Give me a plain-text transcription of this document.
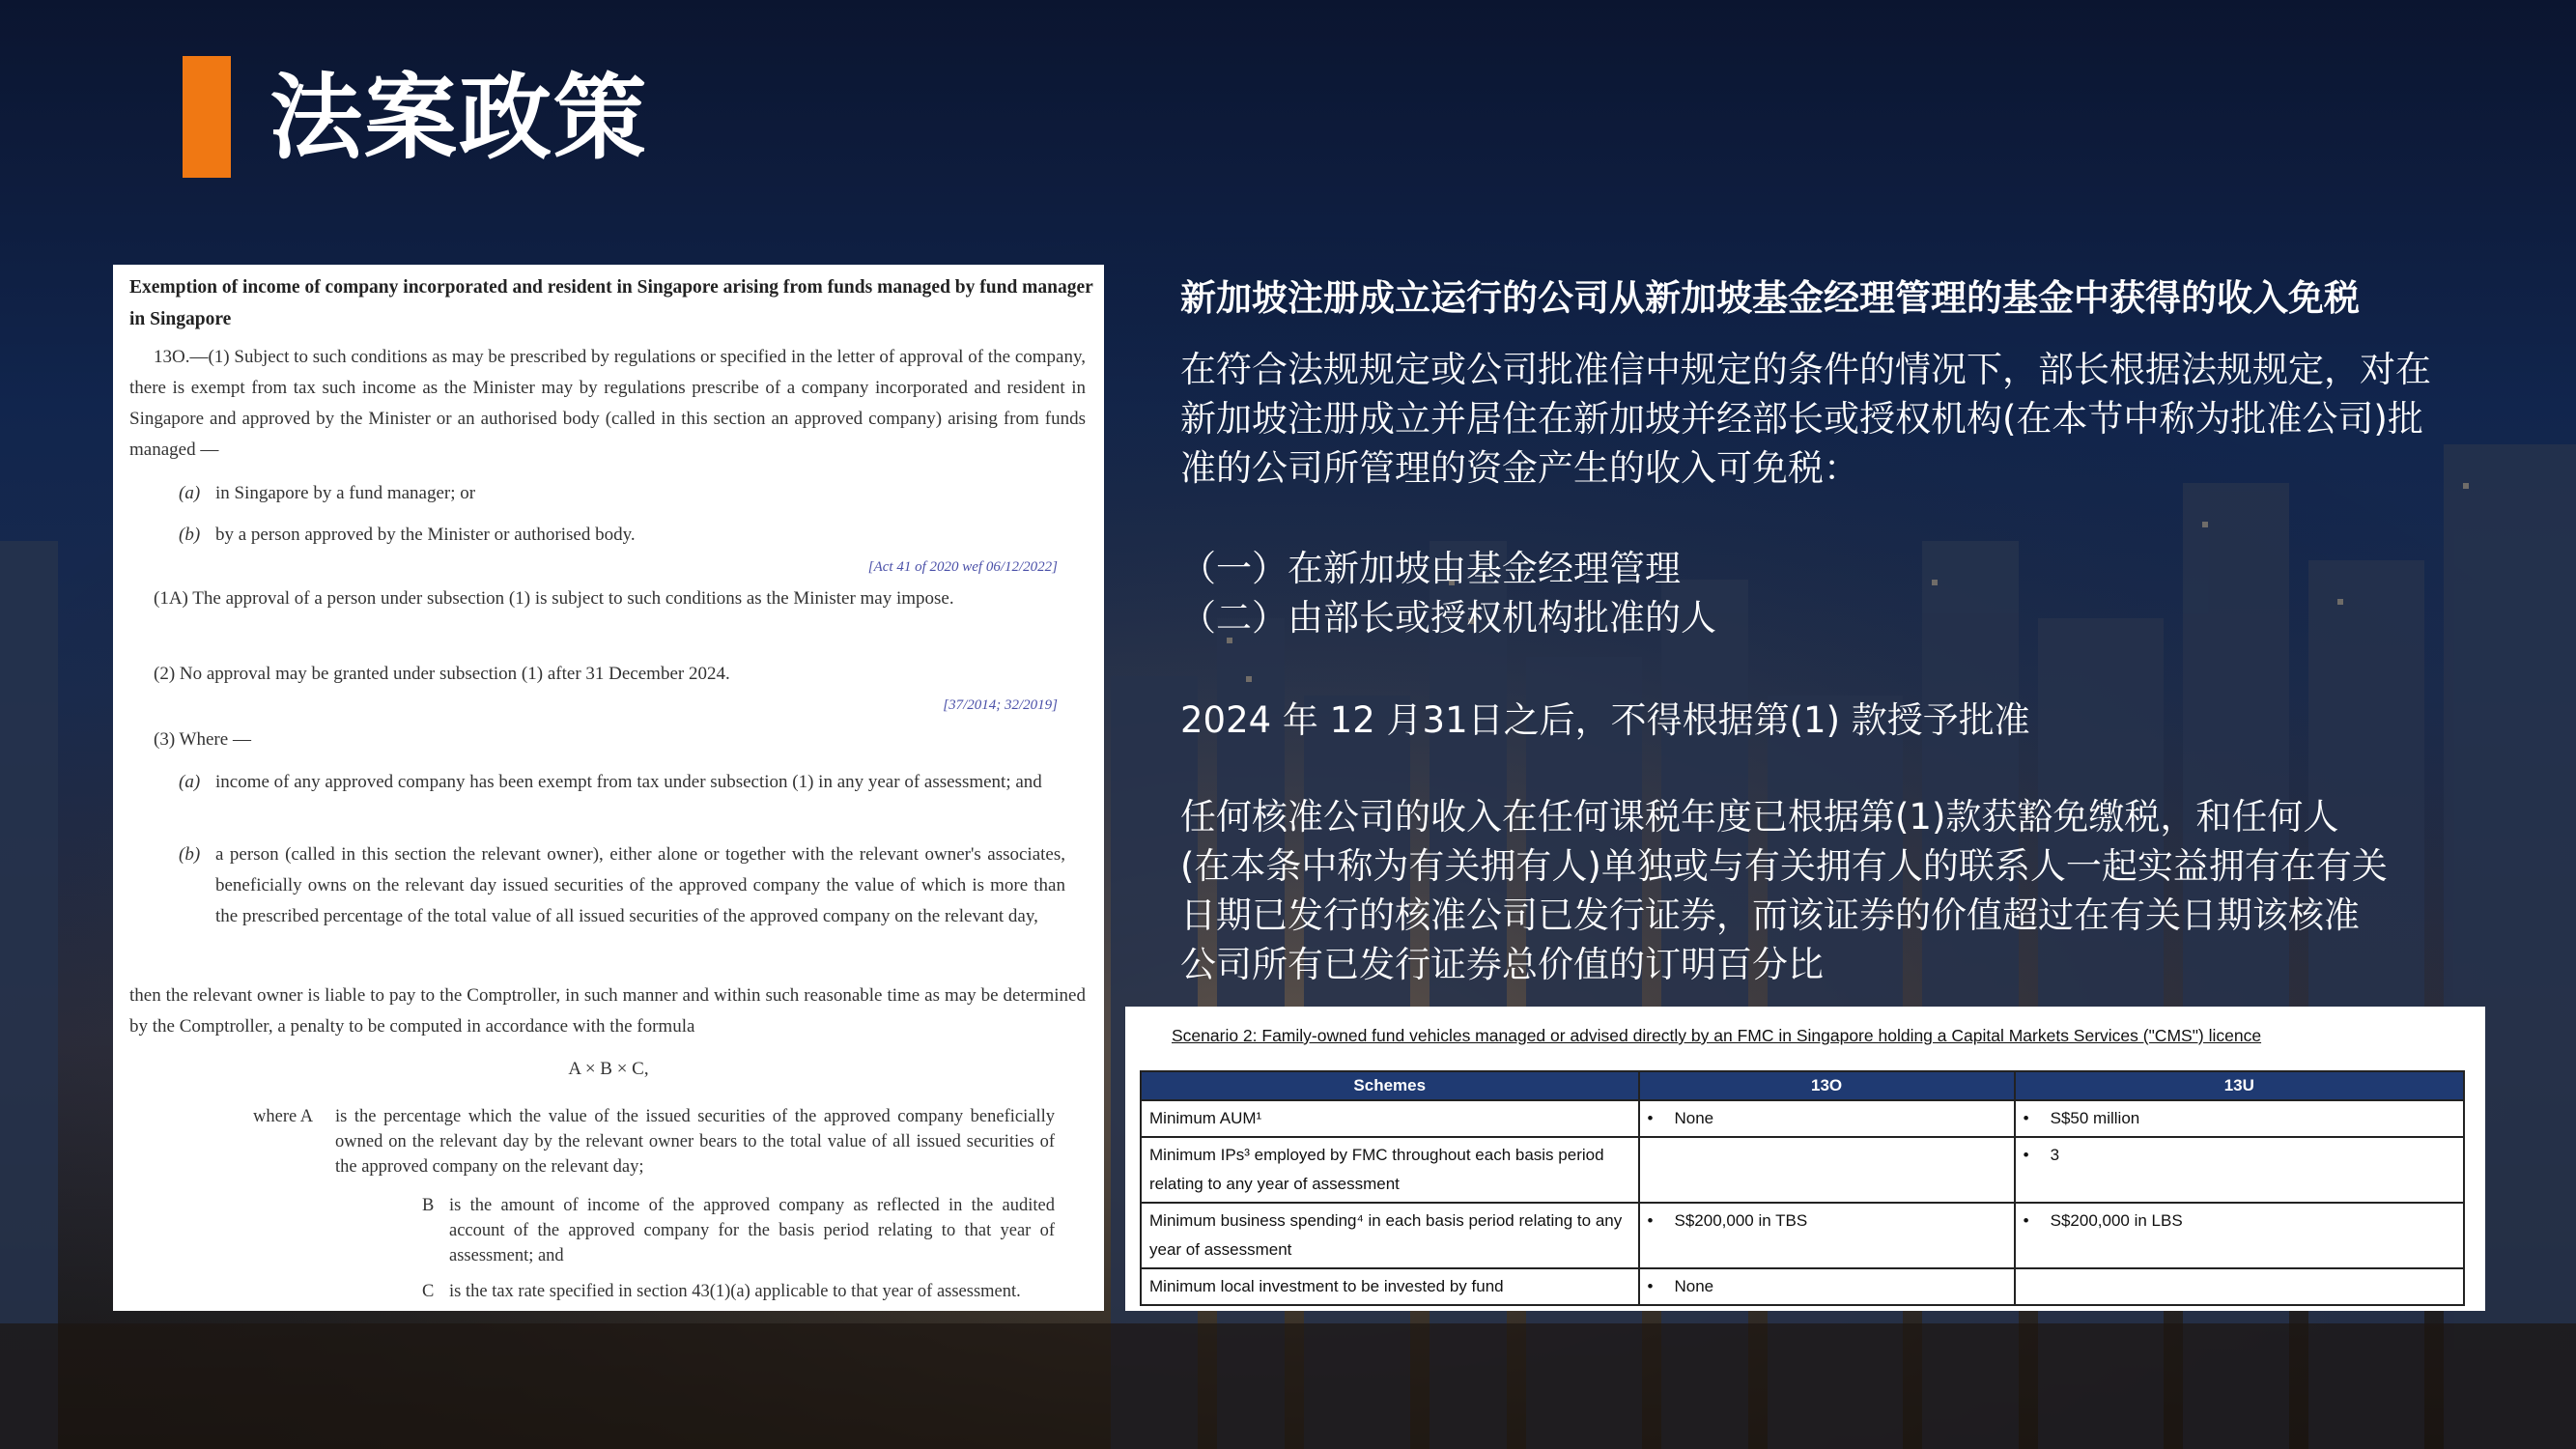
法案政策
Exemption of income of company incorporated and resident in Singapore arising from funds managed by fund manager in Singapore
13O.—(1) Subject to such conditions as may be prescribed by regulations or specified in the letter of approval of the company, there is exempt from tax such income as the Minister may by regulations prescribe of a company incorporated and resident in Singapore and approved by the Minister or an authorised body (called in this section an approved company) arising from funds managed —
(a) in Singapore by a fund manager; or
(b) by a person approved by the Minister or authorised body.
[Act 41 of 2020 wef 06/12/2022]
(1A) The approval of a person under subsection (1) is subject to such conditions as the Minister may impose.
(2) No approval may be granted under subsection (1) after 31 December 2024.
[37/2014; 32/2019]
(3) Where —
(a) income of any approved company has been exempt from tax under subsection (1) in any year of assessment; and
(b) a person (called in this section the relevant owner), either alone or together with the relevant owner's associates, beneficially owns on the relevant day issued securities of the approved company the value of which is more than the prescribed percentage of the total value of all issued securities of the approved company on the relevant day,
then the relevant owner is liable to pay to the Comptroller, in such manner and within such reasonable time as may be determined by the Comptroller, a penalty to be computed in accordance with the formula
A × B × C,
where A is the percentage which the value of the issued securities of the approved company beneficially owned on the relevant day by the relevant owner bears to the total value of all issued securities of the approved company on the relevant day;
B is the amount of income of the approved company as reflected in the audited account of the approved company for the basis period relating to that year of assessment; and
C is the tax rate specified in section 43(1)(a) applicable to that year of assessment.
新加坡注册成立运行的公司从新加坡基金经理管理的基金中获得的收入免税
在符合法规规定或公司批准信中规定的条件的情况下，部长根据法规规定，对在新加坡注册成立并居住在新加坡并经部长或授权机构(在本节中称为批准公司)批准的公司所管理的资金产生的收入可免税：
（一）在新加坡由基金经理管理
（二）由部长或授权机构批准的人
2024 年 12 月31日之后，不得根据第(1) 款授予批准
任何核准公司的收入在任何课税年度已根据第(1)款获豁免缴税，和任何人(在本条中称为有关拥有人)单独或与有关拥有人的联系人一起实益拥有在有关日期已发行的核准公司已发行证券，而该证券的价值超过在有关日期该核准公司所有已发行证券总价值的订明百分比
Scenario 2: Family-owned fund vehicles managed or advised directly by an FMC in Singapore holding a Capital Markets Services ("CMS") licence
Schemes	13O	13U
Minimum AUM¹	• None	• S$50 million
Minimum IPs³ employed by FMC throughout each basis period relating to any year of assessment		• 3
Minimum business spending⁴ in each basis period relating to any year of assessment	• S$200,000 in TBS	• S$200,000 in LBS
Minimum local investment to be invested by fund	• None	
